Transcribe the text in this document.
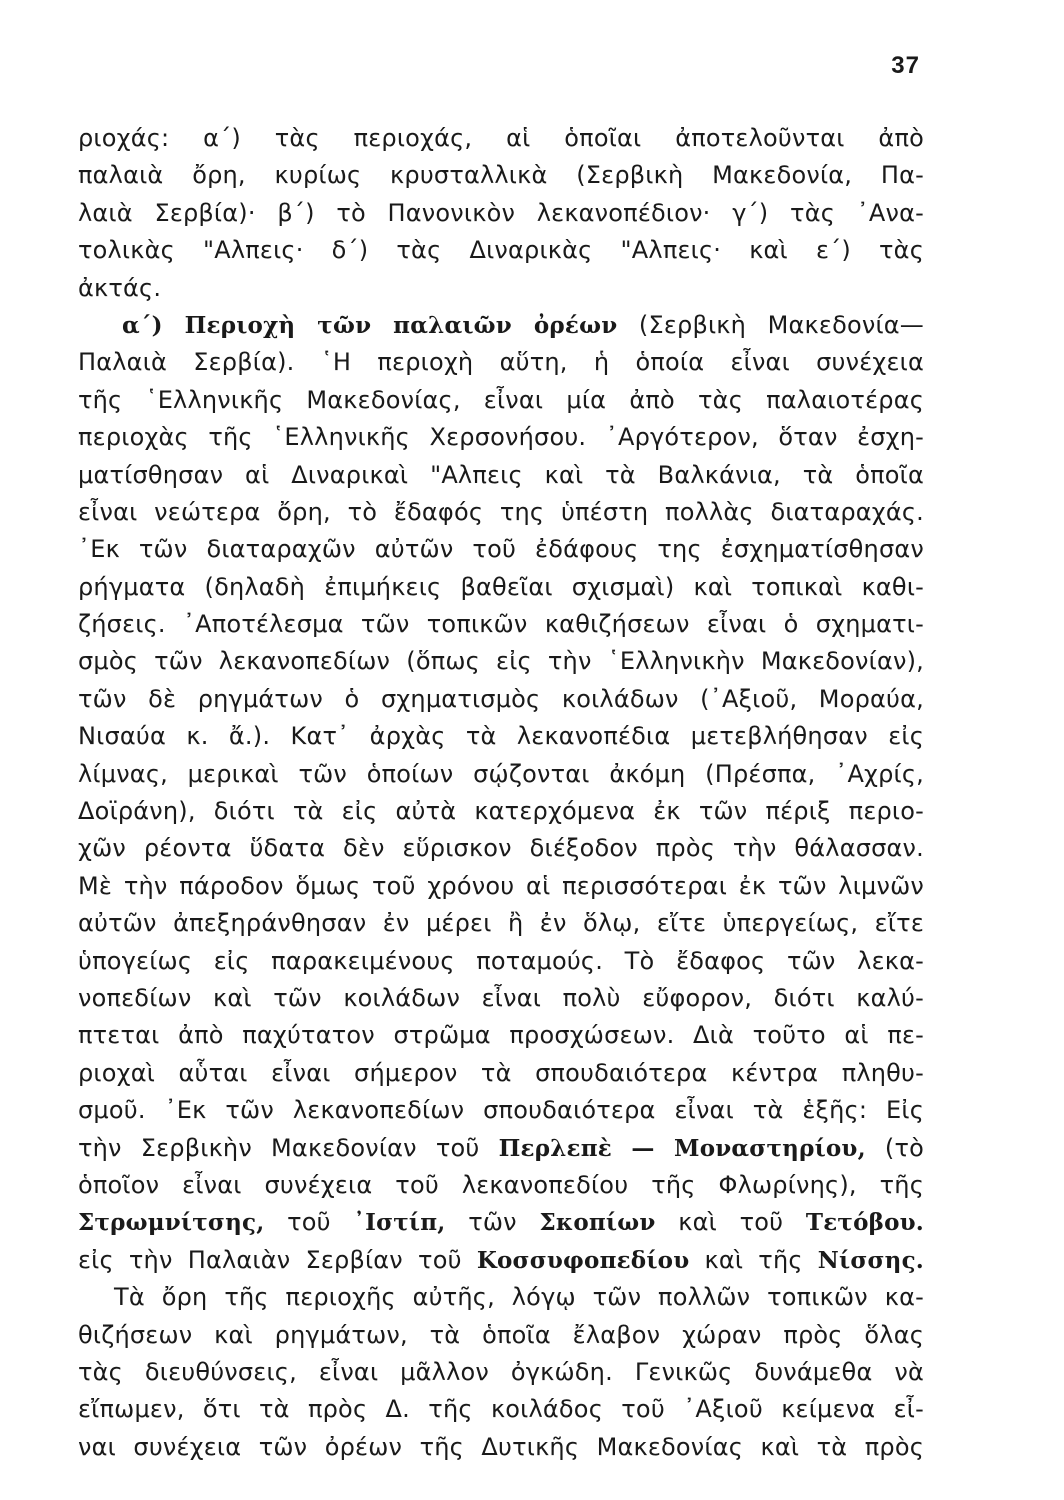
37
ριοχάς: α΄) τὰς περιοχάς, αἱ ὁποῖαι ἀποτελοῦνται ἀπὸ
παλαιὰ ὄρη, κυρίως κρυσταλλικὰ (Σερβικὴ Μακεδονία, Πα-
λαιὰ Σερβία)· β΄) τὸ Πανονικὸν λεκανοπέδιον· γ΄) τὰς ᾿Ανα-
τολικὰς "Αλπεις· δ΄) τὰς Διναρικὰς "Αλπεις· καὶ ε΄) τὰς
ἀκτάς.
α΄) Περιοχὴ τῶν παλαιῶν ὀρέων (Σερβικὴ Μακεδονία—
Παλαιὰ Σερβία). ῾Η περιοχὴ αὕτη, ἡ ὁποία εἶναι συνέχεια
τῆς ῾Ελληνικῆς Μακεδονίας, εἶναι μία ἀπὸ τὰς παλαιοτέρας
περιοχὰς τῆς ῾Ελληνικῆς Χερσονήσου. ᾿Αργότερον, ὅταν ἐσχη-
ματίσθησαν αἱ Διναρικαὶ "Αλπεις καὶ τὰ Βαλκάνια, τὰ ὁποῖα
εἶναι νεώτερα ὄρη, τὸ ἔδαφός της ὑπέστη πολλὰς διαταραχάς.
᾿Εκ τῶν διαταραχῶν αὐτῶν τοῦ ἐδάφους της ἐσχηματίσθησαν
ρήγματα (δηλαδὴ ἐπιμήκεις βαθεῖαι σχισμαὶ) καὶ τοπικαὶ καθι-
ζήσεις. ᾿Αποτέλεσμα τῶν τοπικῶν καθιζήσεων εἶναι ὁ σχηματι-
σμὸς τῶν λεκανοπεδίων (ὅπως εἰς τὴν ῾Ελληνικὴν Μακεδονίαν),
τῶν δὲ ρηγμάτων ὁ σχηματισμὸς κοιλάδων (᾿Αξιοῦ, Μοραύα,
Νισαύα κ. ἄ.). Κατ᾿ ἀρχὰς τὰ λεκανοπέδια μετεβλήθησαν εἰς
λίμνας, μερικαὶ τῶν ὁποίων σῴζονται ἀκόμη (Πρέσπα, ᾿Αχρίς,
Δοϊράνη), διότι τὰ εἰς αὐτὰ κατερχόμενα ἐκ τῶν πέριξ περιο-
χῶν ρέοντα ὕδατα δὲν εὕρισκον διέξοδον πρὸς τὴν θάλασσαν.
Μὲ τὴν πάροδον ὅμως τοῦ χρόνου αἱ περισσότεραι ἐκ τῶν λιμνῶν
αὐτῶν ἀπεξηράνθησαν ἐν μέρει ἢ ἐν ὅλῳ, εἴτε ὑπεργείως, εἴτε
ὑπογείως εἰς παρακειμένους ποταμούς. Τὸ ἔδαφος τῶν λεκα-
νοπεδίων καὶ τῶν κοιλάδων εἶναι πολὺ εὔφορον, διότι καλύ-
πτεται ἀπὸ παχύτατον στρῶμα προσχώσεων. Διὰ τοῦτο αἱ πε-
ριοχαὶ αὗται εἶναι σήμερον τὰ σπουδαιότερα κέντρα πληθυ-
σμοῦ. ᾿Εκ τῶν λεκανοπεδίων σπουδαιότερα εἶναι τὰ ἑξῆς: Εἰς
τὴν Σερβικὴν Μακεδονίαν τοῦ Περλεπὲ — Μοναστηρίου, (τὸ
ὁποῖον εἶναι συνέχεια τοῦ λεκανοπεδίου τῆς Φλωρίνης), τῆς
Στρωμνίτσης, τοῦ ᾿Ιστίπ, τῶν Σκοπίων καὶ τοῦ Τετόβου.
εἰς τὴν Παλαιὰν Σερβίαν τοῦ Κοσσυφοπεδίου καὶ τῆς Νίσσης.
Τὰ ὄρη τῆς περιοχῆς αὐτῆς, λόγῳ τῶν πολλῶν τοπικῶν κα-
θιζήσεων καὶ ρηγμάτων, τὰ ὁποῖα ἔλαβον χώραν πρὸς ὅλας
τὰς διευθύνσεις, εἶναι μᾶλλον ὀγκώδη. Γενικῶς δυνάμεθα νὰ
εἴπωμεν, ὅτι τὰ πρὸς Δ. τῆς κοιλάδος τοῦ ᾿Αξιοῦ κείμενα εἶ-
ναι συνέχεια τῶν ὀρέων τῆς Δυτικῆς Μακεδονίας καὶ τὰ πρὸς
